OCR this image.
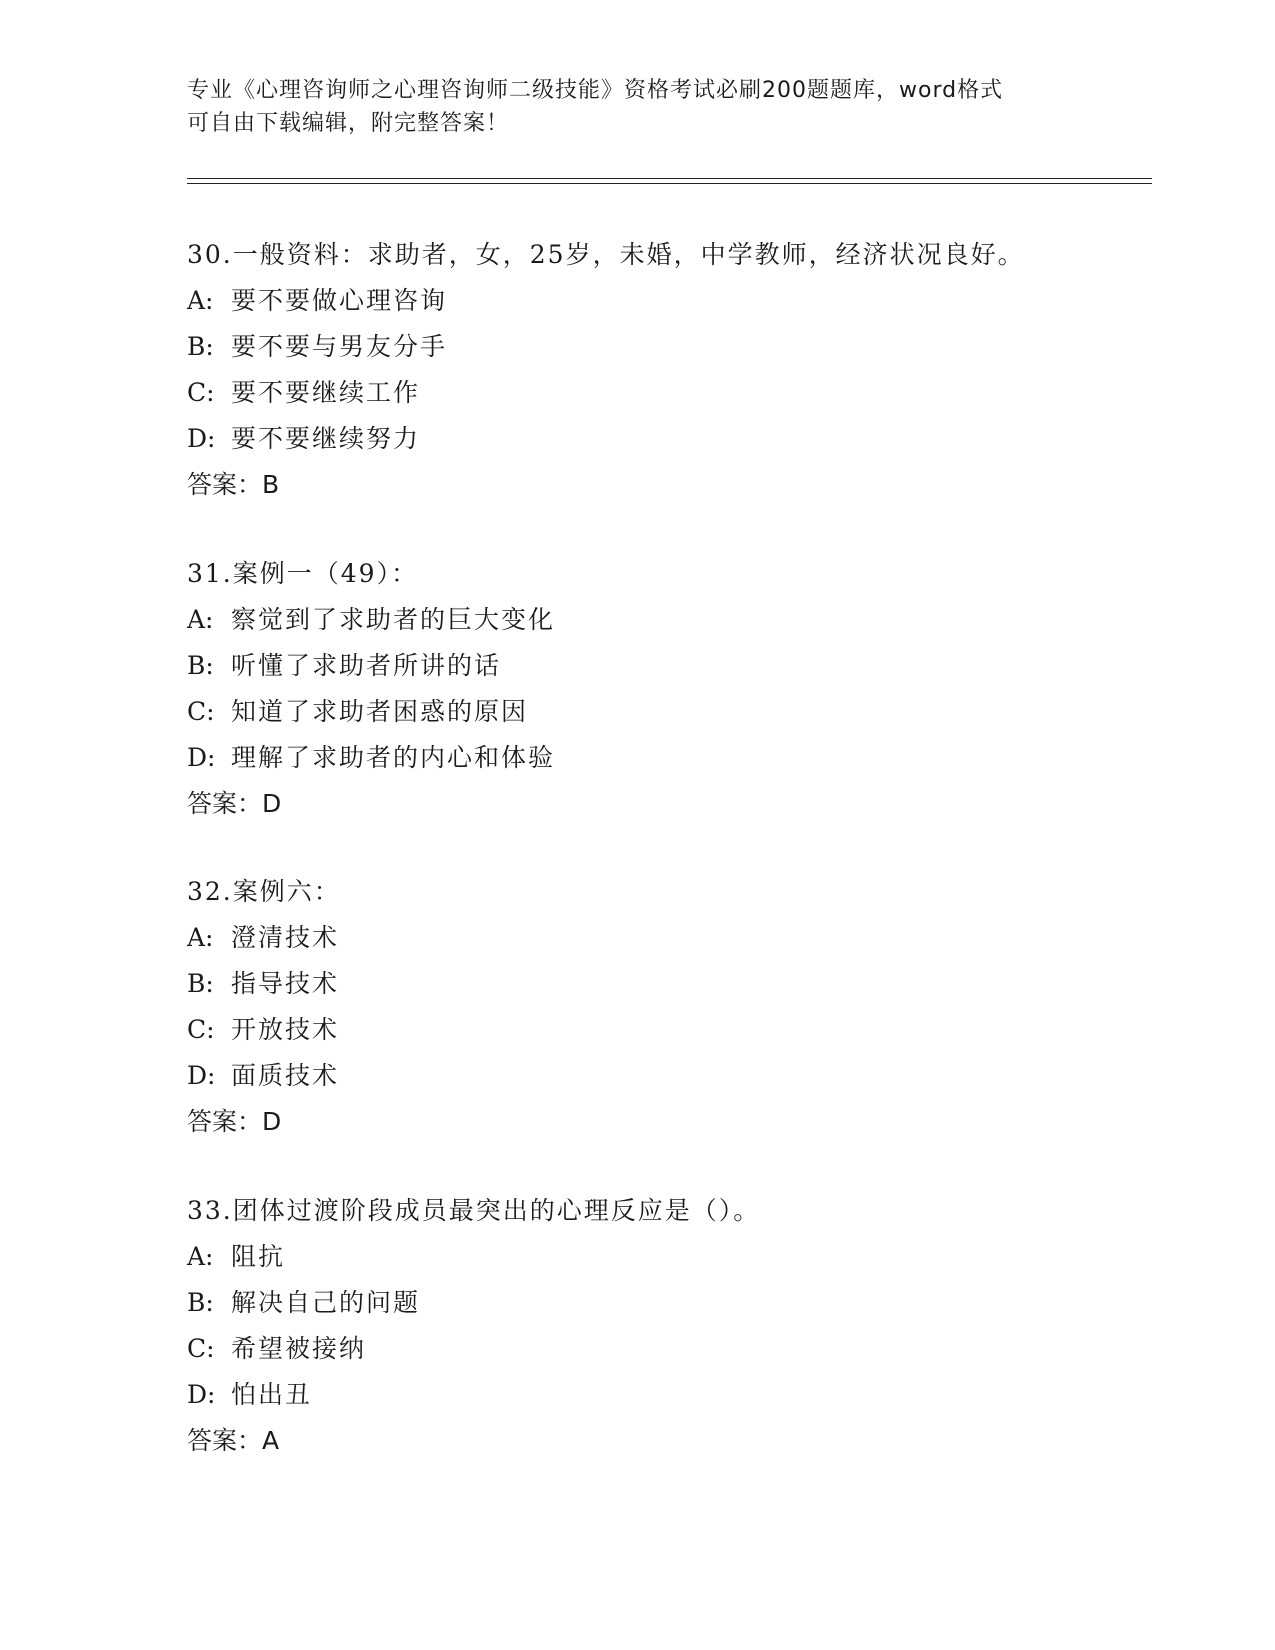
专业《心理咨询师之心理咨询师二级技能》资格考试必刷200题题库，word格式
可自由下载编辑，附完整答案！
30.一般资料：求助者，女，25岁，未婚，中学教师，经济状况良好。
A: 要不要做心理咨询
B: 要不要与男友分手
C: 要不要继续工作
D: 要不要继续努力
答案：B
31.案例一（49）：
A: 察觉到了求助者的巨大变化
B: 听懂了求助者所讲的话
C: 知道了求助者困惑的原因
D: 理解了求助者的内心和体验
答案：D
32.案例六：
A: 澄清技术
B: 指导技术
C: 开放技术
D: 面质技术
答案：D
33.团体过渡阶段成员最突出的心理反应是（）。
A: 阻抗
B: 解决自己的问题
C: 希望被接纳
D: 怕出丑
答案：A
